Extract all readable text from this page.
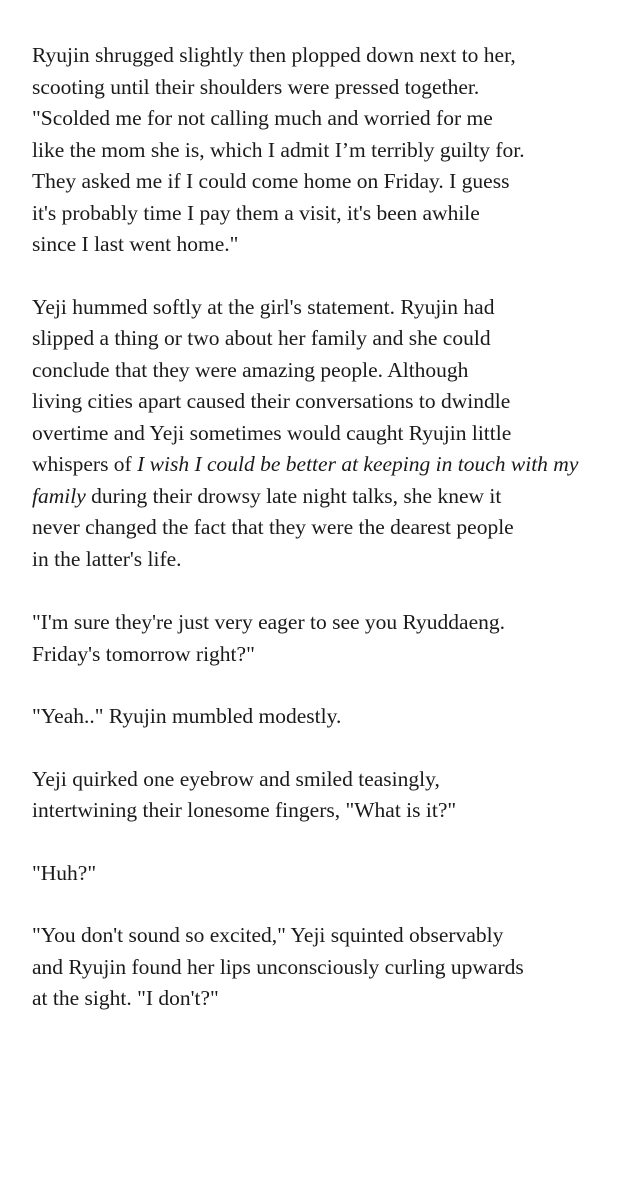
Ryujin shrugged slightly then plopped down next to her,
scooting until their shoulders were pressed together.
"Scolded me for not calling much and worried for me
like the mom she is, which I admit I’m terribly guilty for.
They asked me if I could come home on Friday. I guess
it's probably time I pay them a visit, it's been awhile
since I last went home."

Yeji hummed softly at the girl's statement. Ryujin had
slipped a thing or two about her family and she could
conclude that they were amazing people. Although
living cities apart caused their conversations to dwindle
overtime and Yeji sometimes would caught Ryujin little
whispers of I wish I could be better at keeping in touch with my
family during their drowsy late night talks, she knew it
never changed the fact that they were the dearest people
in the latter's life.

"I'm sure they're just very eager to see you Ryuddaeng.
Friday's tomorrow right?"

"Yeah.." Ryujin mumbled modestly.

Yeji quirked one eyebrow and smiled teasingly,
intertwining their lonesome fingers, "What is it?"

"Huh?"

"You don't sound so excited," Yeji squinted observably
and Ryujin found her lips unconsciously curling upwards
at the sight. "I don't?"
